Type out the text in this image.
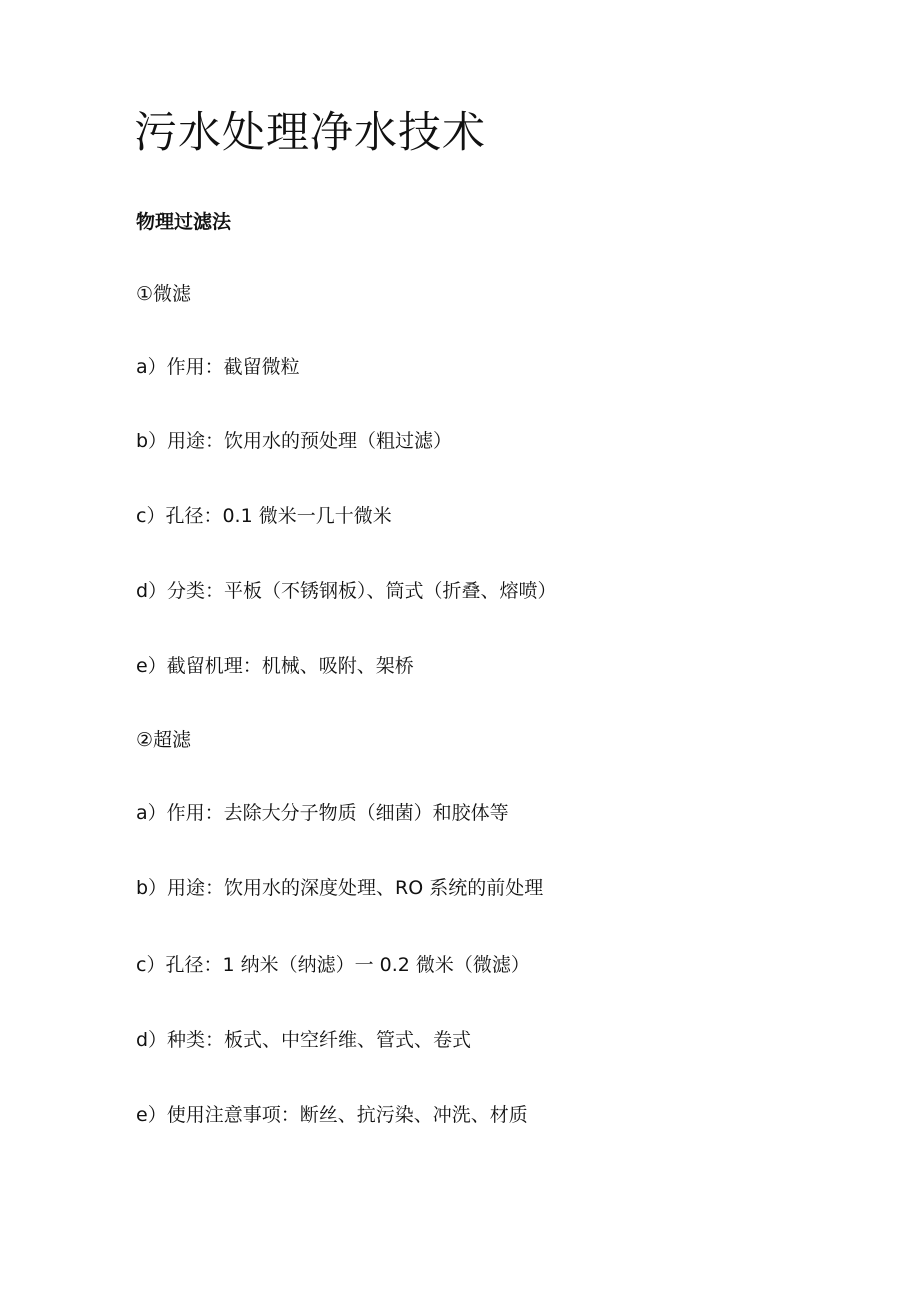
污水处理净水技术
物理过滤法

①微滤

a）作用：截留微粒

b）用途：饮用水的预处理（粗过滤）

c）孔径：0.1 微米一几十微米

d）分类：平板（不锈钢板）、筒式（折叠、熔喷）

e）截留机理：机械、吸附、架桥

②超滤

a）作用：去除大分子物质（细菌）和胶体等

b）用途：饮用水的深度处理、RO 系统的前处理

c）孔径：1 纳米（纳滤）一 0.2 微米（微滤）

d）种类：板式、中空纤维、管式、卷式

e）使用注意事项：断丝、抗污染、冲洗、材质
